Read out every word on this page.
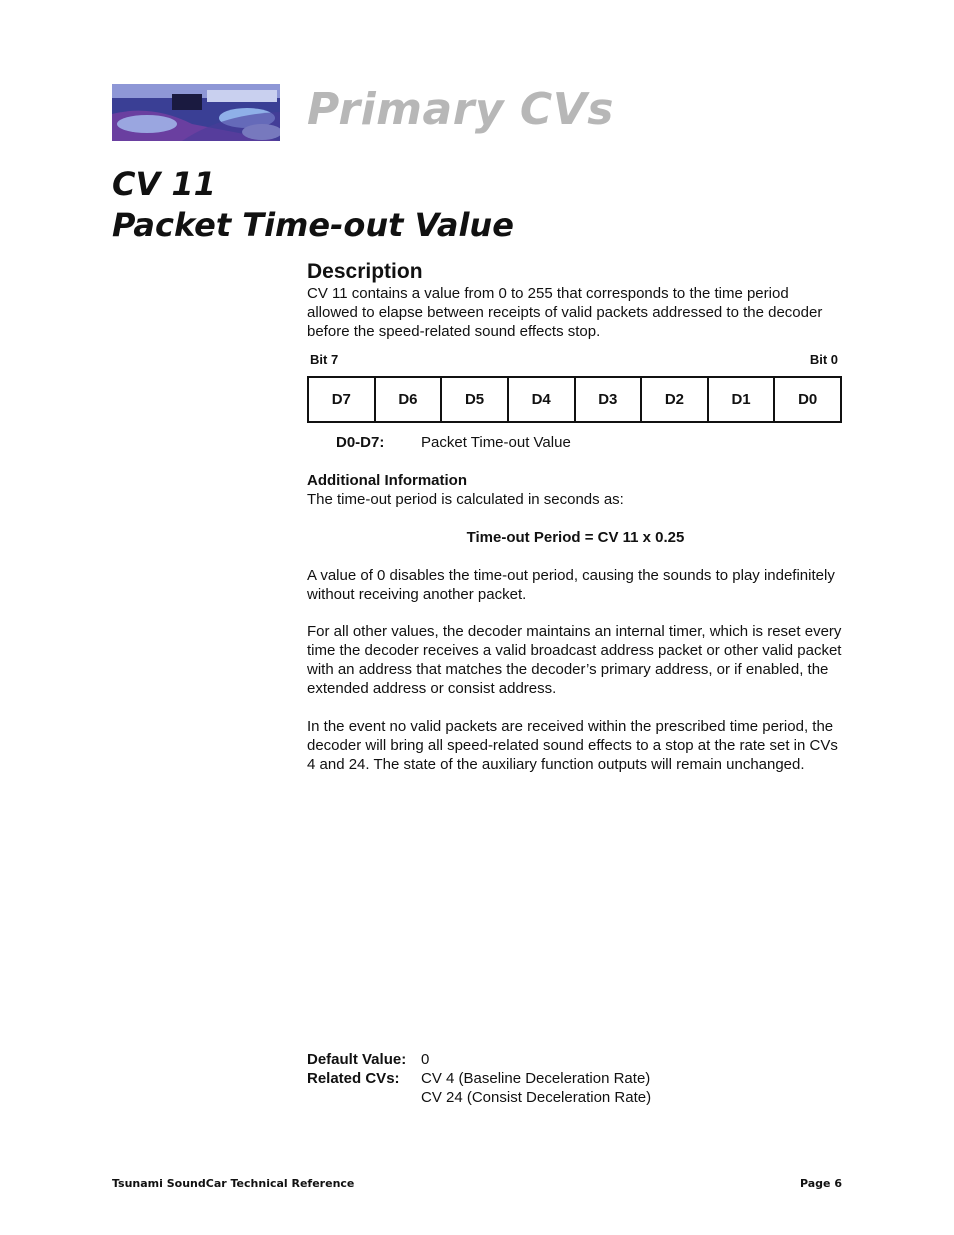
Primary CVs
CV 11
Packet Time-out Value
Description

CV 11 contains a value from 0 to 255 that corresponds to the time period allowed to elapse between receipts of valid packets addressed to the decoder before the speed-related sound effects stop.

Bit 7	Bit 0
D7	D6	D5	D4	D3	D2	D1	D0
D0-D7: Packet Time-out Value

Additional Information

The time-out period is calculated in seconds as:

Time-out Period = CV 11 x 0.25

A value of 0 disables the time-out period, causing the sounds to play indefinitely without receiving another packet.

For all other values, the decoder maintains an internal timer, which is reset every time the decoder receives a valid broadcast address packet or other valid packet with an address that matches the decoder’s primary address, or if enabled, the extended address or consist address.

In the event no valid packets are received within the prescribed time period, the decoder will bring all speed-related sound effects to a stop at the rate set in CVs 4 and 24. The state of the auxiliary function outputs will remain unchanged.

Default Value: 0
Related CVs: CV 4 (Baseline Deceleration Rate)
CV 24 (Consist Deceleration Rate)
Tsunami SoundCar Technical Reference	Page 6
